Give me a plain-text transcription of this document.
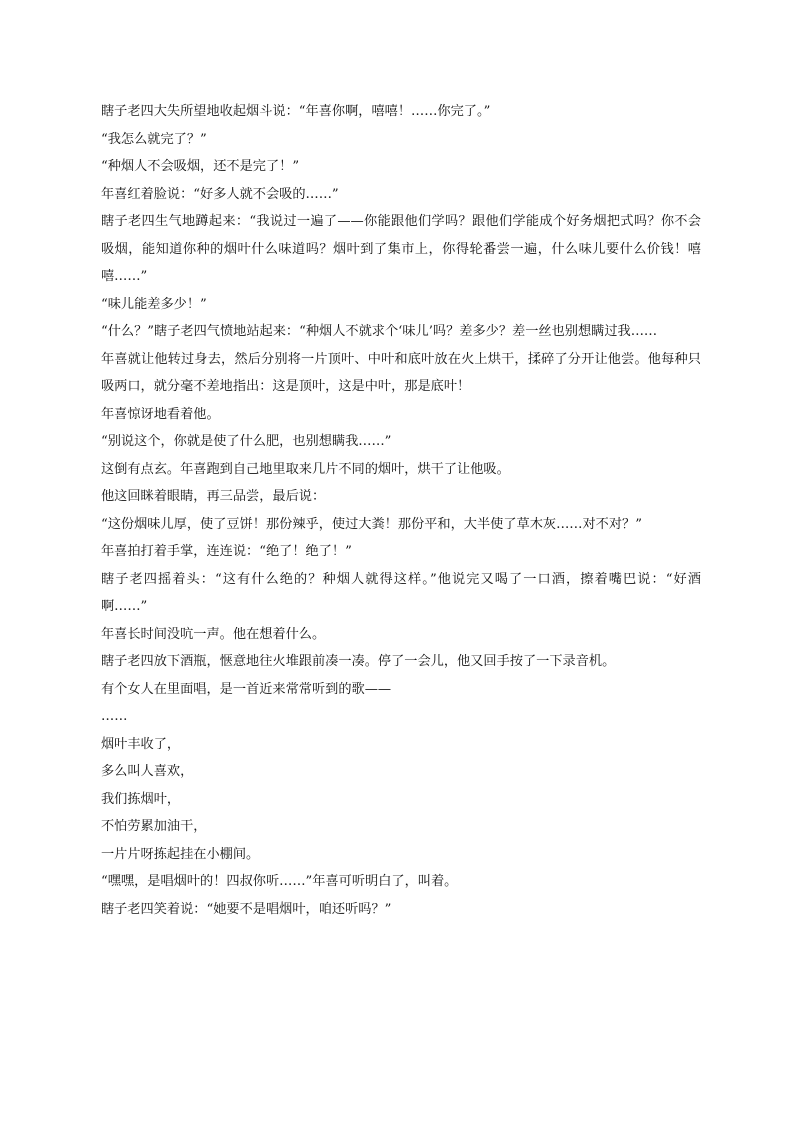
瞎子老四大失所望地收起烟斗说：“年喜你啊，嘻嘻！……你完了。”

“我怎么就完了？”

“种烟人不会吸烟，还不是完了！”

年喜红着脸说：“好多人就不会吸的……”

瞎子老四生气地蹲起来：“我说过一遍了——你能跟他们学吗？跟他们学能成个好务烟把式吗？你不会吸烟，能知道你种的烟叶什么味道吗？烟叶到了集市上，你得轮番尝一遍，什么味儿要什么价钱！嘻嘻……”

“味儿能差多少！”

“什么？”瞎子老四气愤地站起来：“种烟人不就求个‘味儿’吗？差多少？差一丝也别想瞒过我……

年喜就让他转过身去，然后分别将一片顶叶、中叶和底叶放在火上烘干，揉碎了分开让他尝。他每种只吸两口，就分毫不差地指出：这是顶叶，这是中叶，那是底叶！

年喜惊讶地看着他。

“别说这个，你就是使了什么肥，也别想瞒我……”

这倒有点玄。年喜跑到自己地里取来几片不同的烟叶，烘干了让他吸。

他这回眯着眼睛，再三品尝，最后说：

“这份烟味儿厚，使了豆饼！那份辣乎，使过大粪！那份平和，大半使了草木灰……对不对？”

年喜拍打着手掌，连连说：“绝了！绝了！”

瞎子老四摇着头：“这有什么绝的？种烟人就得这样。”他说完又喝了一口酒，擦着嘴巴说：“好酒啊……”

年喜长时间没吭一声。他在想着什么。

瞎子老四放下酒瓶，惬意地往火堆跟前凑一凑。停了一会儿，他又回手按了一下录音机。

有个女人在里面唱，是一首近来常常听到的歌——

……

烟叶丰收了，

多么叫人喜欢，

我们拣烟叶，

不怕劳累加油干，

一片片呀拣起挂在小棚间。

“嘿嘿，是唱烟叶的！四叔你听……”年喜可听明白了，叫着。

瞎子老四笑着说：“她要不是唱烟叶，咱还听吗？”
